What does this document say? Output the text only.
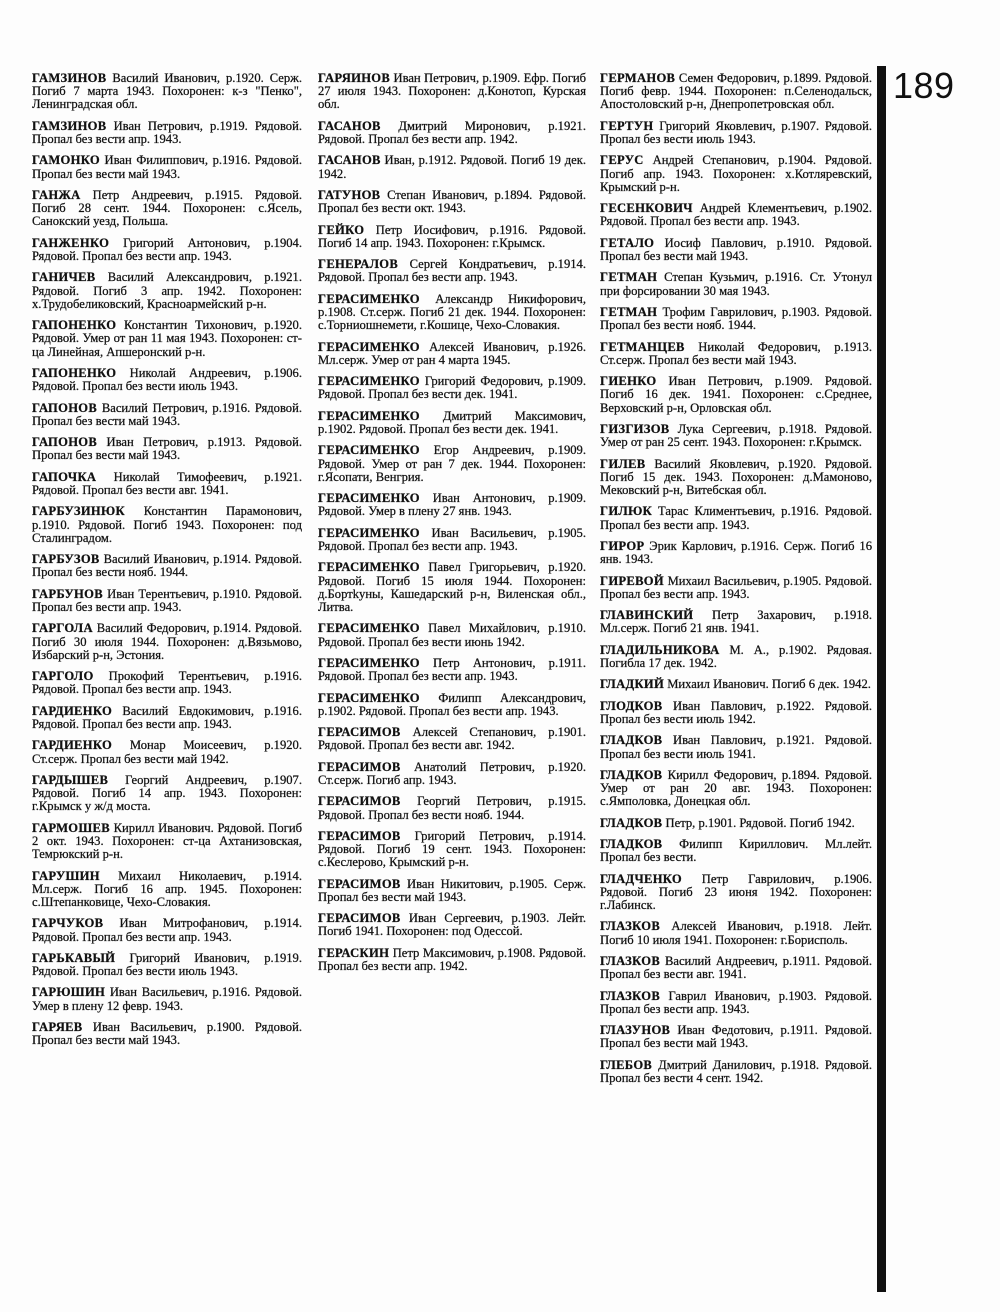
ГАМЗИНОВ Василий Иванович, р.1920. Серж. Погиб 7 марта 1943. Похоронен: к-з "Пенко", Ленинградская обл.
ГАМЗИНОВ Иван Петрович, р.1919. Рядовой. Пропал без вести апр. 1943.
ГАМОНКО Иван Филиппович, р.1916. Рядовой. Пропал без вести май 1943.
ГАНЖА Петр Андреевич, р.1915. Рядовой. Погиб 28 сент. 1944. Похоронен: с.Ясель, Санокский уезд, Польша.
ГАНЖЕНКО Григорий Антонович, р.1904. Рядовой. Пропал без вести апр. 1943.
ГАНИЧЕВ Василий Александрович, р.1921. Рядовой. Погиб 3 апр. 1942. Похоронен: х.Трудобеликовский, Красноармейский р-н.
ГАПОНЕНКО Константин Тихонович, р.1920. Рядовой. Умер от ран 11 мая 1943. Похоронен: ст-ца Линейная, Апшеронский р-н.
ГАПОНЕНКО Николай Андреевич, р.1906. Рядовой. Пропал без вести июль 1943.
ГАПОНОВ Василий Петрович, р.1916. Рядовой. Пропал без вести май 1943.
ГАПОНОВ Иван Петрович, р.1913. Рядовой. Пропал без вести май 1943.
ГАПОЧКА Николай Тимофеевич, р.1921. Рядовой. Пропал без вести авг. 1941.
ГАРБУЗИНЮК Константин Парамонович, р.1910. Рядовой. Погиб 1943. Похоронен: под Сталинградом.
ГАРБУЗОВ Василий Иванович, р.1914. Рядовой. Пропал без вести нояб. 1944.
ГАРБУНОВ Иван Терентьевич, р.1910. Рядовой. Пропал без вести апр. 1943.
ГАРГОЛА Василий Федорович, р.1914. Рядовой. Погиб 30 июля 1944. Похоронен: д.Вязьмово, Избарский р-н, Эстония.
ГАРГОЛО Прокофий Терентьевич, р.1916. Рядовой. Пропал без вести апр. 1943.
ГАРДИЕНКО Василий Евдокимович, р.1916. Рядовой. Пропал без вести апр. 1943.
ГАРДИЕНКО Монар Моисеевич, р.1920. Ст.серж. Пропал без вести май 1942.
ГАРДЫШЕВ Георгий Андреевич, р.1907. Рядовой. Погиб 14 апр. 1943. Похоронен: г.Крымск у ж/д моста.
ГАРМОШЕВ Кирилл Иванович. Рядовой. Погиб 2 окт. 1943. Похоронен: ст-ца Ахтанизовская, Темрюкский р-н.
ГАРУШИН Михаил Николаевич, р.1914. Мл.серж. Погиб 16 апр. 1945. Похоронен: с.Штепанковице, Чехо-Словакия.
ГАРЧУКОВ Иван Митрофанович, р.1914. Рядовой. Пропал без вести апр. 1943.
ГАРЬКАВЫЙ Григорий Иванович, р.1919. Рядовой. Пропал без вести июль 1943.
ГАРЮШИН Иван Васильевич, р.1916. Рядовой. Умер в плену 12 февр. 1943.
ГАРЯЕВ Иван Васильевич, р.1900. Рядовой. Пропал без вести май 1943.
ГАРЯИНОВ Иван Петрович, р.1909. Ефр. Погиб 27 июля 1943. Похоронен: д.Конотоп, Курская обл.
ГАСАНОВ Дмитрий Миронович, р.1921. Рядовой. Пропал без вести апр. 1942.
ГАСАНОВ Иван, р.1912. Рядовой. Погиб 19 дек. 1942.
ГАТУНОВ Степан Иванович, р.1894. Рядовой. Пропал без вести окт. 1943.
ГЕЙКО Петр Иосифович, р.1916. Рядовой. Погиб 14 апр. 1943. Похоронен: г.Крымск.
ГЕНЕРАЛОВ Сергей Кондратьевич, р.1914. Рядовой. Пропал без вести апр. 1943.
ГЕРАСИМЕНКО Александр Никифорович, р.1908. Ст.серж. Погиб 21 дек. 1944. Похоронен: с.Торниошнемети, г.Кошице, Чехо-Словакия.
ГЕРАСИМЕНКО Алексей Иванович, р.1926. Мл.серж. Умер от ран 4 марта 1945.
ГЕРАСИМЕНКО Григорий Федорович, р.1909. Рядовой. Пропал без вести дек. 1941.
ГЕРАСИМЕНКО Дмитрий Максимович, р.1902. Рядовой. Пропал без вести дек. 1941.
ГЕРАСИМЕНКО Егор Андреевич, р.1909. Рядовой. Умер от ран 7 дек. 1944. Похоронен: г.Ясопати, Венгрия.
ГЕРАСИМЕНКО Иван Антонович, р.1909. Рядовой. Умер в плену 27 янв. 1943.
ГЕРАСИМЕНКО Иван Васильевич, р.1905. Рядовой. Пропал без вести апр. 1943.
ГЕРАСИМЕНКО Павел Григорьевич, р.1920. Рядовой. Погиб 15 июля 1944. Похоронен: д.Бортkуны, Кашедарский р-н, Виленская обл., Литва.
ГЕРАСИМЕНКО Павел Михайлович, р.1910. Рядовой. Пропал без вести июнь 1942.
ГЕРАСИМЕНКО Петр Антонович, р.1911. Рядовой. Пропал без вести апр. 1943.
ГЕРАСИМЕНКО Филипп Александрович, р.1902. Рядовой. Пропал без вести апр. 1943.
ГЕРАСИМОВ Алексей Степанович, р.1901. Рядовой. Пропал без вести авг. 1942.
ГЕРАСИМОВ Анатолий Петрович, р.1920. Ст.серж. Погиб апр. 1943.
ГЕРАСИМОВ Георгий Петрович, р.1915. Рядовой. Пропал без вести нояб. 1944.
ГЕРАСИМОВ Григорий Петрович, р.1914. Рядовой. Погиб 19 сент. 1943. Похоронен: с.Кеслерово, Крымский р-н.
ГЕРАСИМОВ Иван Никитович, р.1905. Серж. Пропал без вести май 1943.
ГЕРАСИМОВ Иван Сергеевич, р.1903. Лейт. Погиб 1941. Похоронен: под Одессой.
ГЕРАСКИН Петр Максимович, р.1908. Рядовой. Пропал без вести апр. 1942.
ГЕРМАНОВ Семен Федорович, р.1899. Рядовой. Погиб февр. 1944. Похоронен: п.Селенодальск, Апостоловский р-н, Днепропетровская обл.
ГЕРТУН Григорий Яковлевич, р.1907. Рядовой. Пропал без вести июль 1943.
ГЕРУС Андрей Степанович, р.1904. Рядовой. Погиб апр. 1943. Похоронен: х.Котляревский, Крымский р-н.
ГЕСЕНКОВИЧ Андрей Клементьевич, р.1902. Рядовой. Пропал без вести апр. 1943.
ГЕТАЛО Иосиф Павлович, р.1910. Рядовой. Пропал без вести май 1943.
ГЕТМАН Степан Кузьмич, р.1916. Ст. Утонул при форсировании 30 мая 1943.
ГЕТМАН Трофим Гаврилович, р.1903. Рядовой. Пропал без вести нояб. 1944.
ГЕТМАНЦЕВ Николай Федорович, р.1913. Ст.серж. Пропал без вести май 1943.
ГИЕНКО Иван Петрович, р.1909. Рядовой. Погиб 16 дек. 1941. Похоронен: с.Среднее, Верховский р-н, Орловская обл.
ГИЗГИЗОВ Лука Сергеевич, р.1918. Рядовой. Умер от ран 25 сент. 1943. Похоронен: г.Крымск.
ГИЛЕВ Василий Яковлевич, р.1920. Рядовой. Погиб 15 дек. 1943. Похоронен: д.Мамоново, Мековский р-н, Витебская обл.
ГИЛЮК Тарас Климентьевич, р.1916. Рядовой. Пропал без вести апр. 1943.
ГИРОР Эрик Карлович, р.1916. Серж. Погиб 16 янв. 1943.
ГИРЕВОЙ Михаил Васильевич, р.1905. Рядовой. Пропал без вести апр. 1943.
ГЛАВИНСКИЙ Петр Захарович, р.1918. Мл.серж. Погиб 21 янв. 1941.
ГЛАДИЛЬНИКОВА М. А., р.1902. Рядовая. Погибла 17 дек. 1942.
ГЛАДКИЙ Михаил Иванович. Погиб 6 дек. 1942.
ГЛОДКОВ Иван Павлович, р.1922. Рядовой. Пропал без вести июль 1942.
ГЛАДКОВ Иван Павлович, р.1921. Рядовой. Пропал без вести июль 1941.
ГЛАДКОВ Кирилл Федорович, р.1894. Рядовой. Умер от ран 20 авг. 1943. Похоронен: с.Ямполовка, Донецкая обл.
ГЛАДКОВ Петр, р.1901. Рядовой. Погиб 1942.
ГЛАДКОВ Филипп Кириллович. Мл.лейт. Пропал без вести.
ГЛАДЧЕНКО Петр Гаврилович, р.1906. Рядовой. Погиб 23 июня 1942. Похоронен: г.Лабинск.
ГЛАЗКОВ Алексей Иванович, р.1918. Лейт. Погиб 10 июля 1941. Похоронен: г.Борисполь.
ГЛАЗКОВ Василий Андреевич, р.1911. Рядовой. Пропал без вести авг. 1941.
ГЛАЗКОВ Гаврил Иванович, р.1903. Рядовой. Пропал без вести апр. 1943.
ГЛАЗУНОВ Иван Федотович, р.1911. Рядовой. Пропал без вести май 1943.
ГЛЕБОВ Дмитрий Данилович, р.1918. Рядовой. Пропал без вести 4 сент. 1942.
189
